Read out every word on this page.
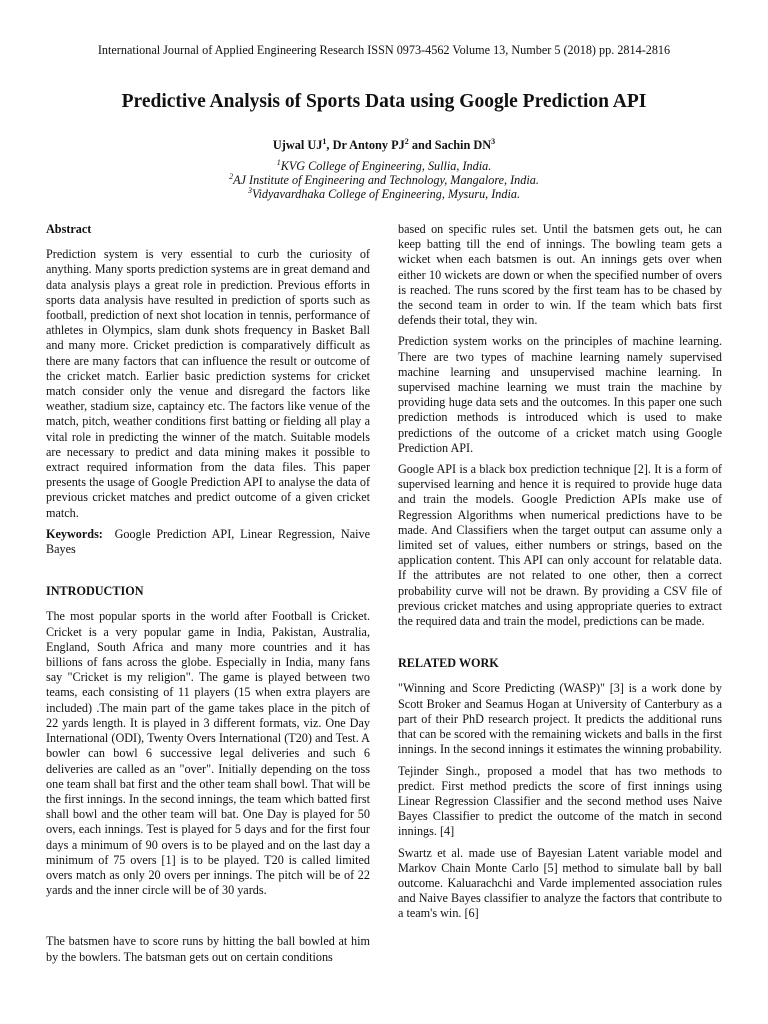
International Journal of Applied Engineering Research ISSN 0973-4562 Volume 13, Number 5 (2018) pp. 2814-2816
Predictive Analysis of Sports Data using Google Prediction API
Ujwal $UJ^1$, Dr Antony $PJ^2$ and Sachin $DN^3$
$^1$KVG College of Engineering, Sullia, India.
$^2$AJ Institute of Engineering and Technology, Mangalore, India.
$^3$Vidyavardhaka College of Engineering, Mysuru, India.

Abstract

Prediction system is very essential to curb the curiosity of anything. Many sports prediction systems are in great demand and data analysis plays a great role in prediction. Previous efforts in sports data analysis have resulted in prediction of sports such as football, prediction of next shot location in tennis, performance of athletes in Olympics, slam dunk shots frequency in Basket Ball and many more. Cricket prediction is comparatively difficult as there are many factors that can influence the result or outcome of the cricket match. Earlier basic prediction systems for cricket match consider only the venue and disregard the factors like weather, stadium size, captaincy etc. The factors like venue of the match, pitch, weather conditions first batting or fielding all play a vital role in predicting the winner of the match. Suitable models are necessary to predict and data mining makes it possible to extract required information from the data files. This paper presents the usage of Google Prediction API to analyse the data of previous cricket matches and predict outcome of a given cricket match.

Keywords: Google Prediction API, Linear Regression, Naive Bayes

INTRODUCTION

The most popular sports in the world after Football is Cricket. Cricket is a very popular game in India, Pakistan, Australia, England, South Africa and many more countries and it has billions of fans across the globe. Especially in India, many fans say "Cricket is my religion". The game is played between two teams, each consisting of 11 players (15 when extra players are included) .The main part of the game takes place in the pitch of 22 yards length. It is played in 3 different formats, viz. One Day International (ODI), Twenty Overs International (T20) and Test. A bowler can bowl 6 successive legal deliveries and such 6 deliveries are called as an "over". Initially depending on the toss one team shall bat first and the other team shall bowl. That will be the first innings. In the second innings, the team which batted first shall bowl and the other team will bat. One Day is played for 50 overs, each innings. Test is played for 5 days and for the first four days a minimum of 90 overs is to be played and on the last day a minimum of 75 overs [1] is to be played. T20 is called limited overs match as only 20 overs per innings. The pitch will be of 22 yards and the inner circle will be of 30 yards.

The batsmen have to score runs by hitting the ball bowled at him by the bowlers. The batsman gets out on certain conditions

based on specific rules set. Until the batsmen gets out, he can keep batting till the end of innings. The bowling team gets a wicket when each batsmen is out. An innings gets over when either 10 wickets are down or when the specified number of overs is reached. The runs scored by the first team has to be chased by the second team in order to win. If the team which bats first defends their total, they win.

Prediction system works on the principles of machine learning. There are two types of machine learning namely supervised machine learning and unsupervised machine learning. In supervised machine learning we must train the machine by providing huge data sets and the outcomes. In this paper one such prediction methods is introduced which is used to make predictions of the outcome of a cricket match using Google Prediction API.

Google API is a black box prediction technique [2]. It is a form of supervised learning and hence it is required to provide huge data and train the models. Google Prediction APIs make use of Regression Algorithms when numerical predictions have to be made. And Classifiers when the target output can assume only a limited set of values, either numbers or strings, based on the application content. This API can only account for relatable data. If the attributes are not related to one other, then a correct probability curve will not be drawn. By providing a CSV file of previous cricket matches and using appropriate queries to extract the required data and train the model, predictions can be made.

RELATED WORK

"Winning and Score Predicting (WASP)" [3] is a work done by Scott Broker and Seamus Hogan at University of Canterbury as a part of their PhD research project. It predicts the additional runs that can be scored with the remaining wickets and balls in the first innings. In the second innings it estimates the winning probability.

Tejinder Singh., proposed a model that has two methods to predict. First method predicts the score of first innings using Linear Regression Classifier and the second method uses Naive Bayes Classifier to predict the outcome of the match in second innings. [4]

Swartz et al. made use of Bayesian Latent variable model and Markov Chain Monte Carlo [5] method to simulate ball by ball outcome. Kaluarachchi and Varde implemented association rules and Naive Bayes classifier to analyze the factors that contribute to a team's win. [6]
